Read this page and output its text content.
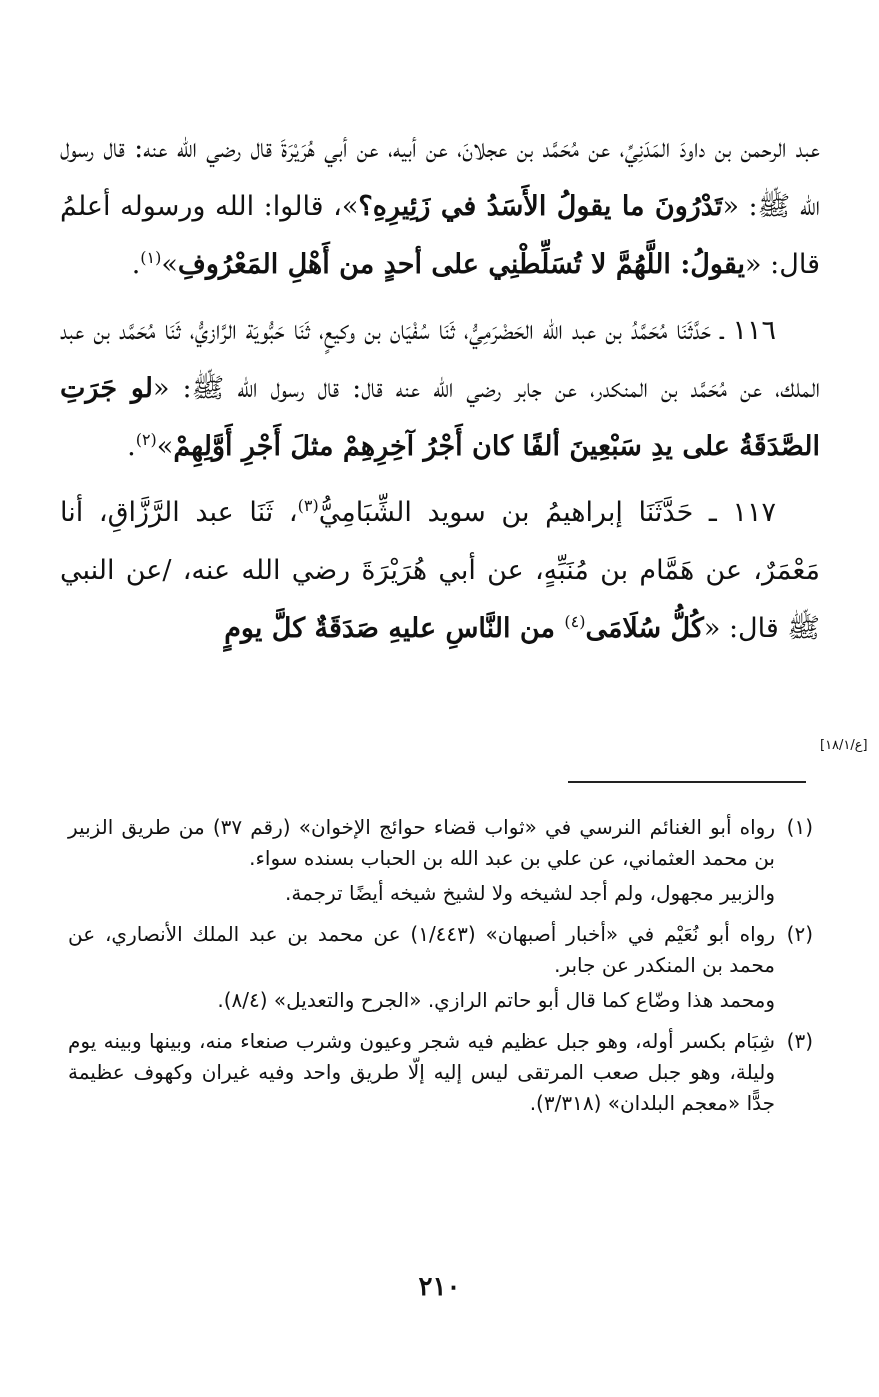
عبد الرحمن بن داودَ المَدَنِيِّ، عن مُحَمَّد بن عجلانَ، عن أبيه، عن أبي هُرَيْرَةَ قال رضي الله عنه: قال رسول الله ﷺ: «تَدْرُونَ ما يقولُ الأَسَدُ في زَئِيرِهِ؟»، قالوا: الله ورسوله أعلمُ قال: «يقولُ: اللَّهُمَّ لا تُسَلِّطْنِي على أحدٍ من أَهْلِ المَعْرُوفِ»$^{(١)}$.

١١٦ ـ حَدَّثَنَا مُحَمَّدُ بن عبد الله الحَضْرَمِيُّ، ثَنَا سُفْيَان بن وكيعٍ، ثَنَا حَبُّويَة الرَّازيُّ، ثَنَا مُحَمَّد بن عبد الملك، عن مُحَمَّد بن المنكدر، عن جابر رضي الله عنه قال: قال رسول الله ﷺ: «لو جَرَتِ الصَّدَقَةُ على يدِ سَبْعِينَ ألفًا كان أَجْرُ آخِرِهِمْ مثلَ أَجْرِ أَوَّلِهِمْ»$^{(٢)}$.

١١٧ ـ حَدَّثَنَا إبراهيمُ بن سويد الشِّبَامِيُّ$^{(٣)}$، ثَنَا عبد الرَّزَّاقِ، أنا مَعْمَرٌ، عن هَمَّام بن مُنَبِّهٍ، عن أبي هُرَيْرَةَ رضي الله عنه، /عن النبي ﷺ قال: «كُلُّ سُلَامَى$^{(٤)}$ من النَّاسِ عليهِ صَدَقَةٌ كلَّ يومٍ

[ع/١٨/١]
(١)

رواه أبو الغنائم النرسي في «ثواب قضاء حوائج الإخوان» (رقم ٣٧) من طريق الزبير بن محمد العثماني، عن علي بن عبد الله بن الحباب بسنده سواء.

والزبير مجهول، ولم أجد لشيخه ولا لشيخ شيخه أيضًا ترجمة.

(٢)

رواه أبو نُعَيْم في «أخبار أصبهان» (١/٤٤٣) عن محمد بن عبد الملك الأنصاري، عن محمد بن المنكدر عن جابر.

ومحمد هذا وضّاع كما قال أبو حاتم الرازي. «الجرح والتعديل» (٨/٤).

(٣)

شِبَام بكسر أوله، وهو جبل عظيم فيه شجر وعيون وشرب صنعاء منه، وبينها وبينه يوم وليلة، وهو جبل صعب المرتقى ليس إليه إلّا طريق واحد وفيه غيران وكهوف عظيمة جدًّا «معجم البلدان» (٣/٣١٨).

٢١٠
